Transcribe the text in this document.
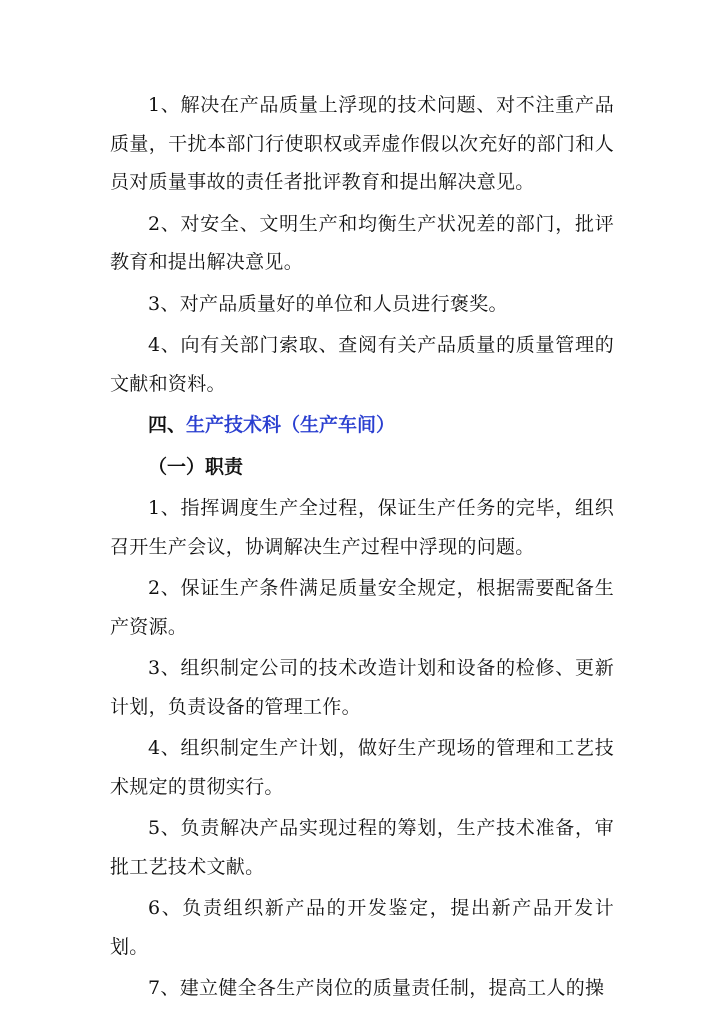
1、解决在产品质量上浮现的技术问题、对不注重产品质量，干扰本部门行使职权或弄虚作假以次充好的部门和人员对质量事故的责任者批评教育和提出解决意见。

2、对安全、文明生产和均衡生产状况差的部门，批评教育和提出解决意见。

3、对产品质量好的单位和人员进行褒奖。

4、向有关部门索取、查阅有关产品质量的质量管理的文献和资料。

四、生产技术科（生产车间）

（一）职责

1、指挥调度生产全过程，保证生产任务的完毕，组织召开生产会议，协调解决生产过程中浮现的问题。

2、保证生产条件满足质量安全规定，根据需要配备生产资源。

3、组织制定公司的技术改造计划和设备的检修、更新计划，负责设备的管理工作。

4、组织制定生产计划，做好生产现场的管理和工艺技术规定的贯彻实行。

5、负责解决产品实现过程的筹划，生产技术准备，审批工艺技术文献。

6、负责组织新产品的开发鉴定，提出新产品开发计划。

7、建立健全各生产岗位的质量责任制，提高工人的操
